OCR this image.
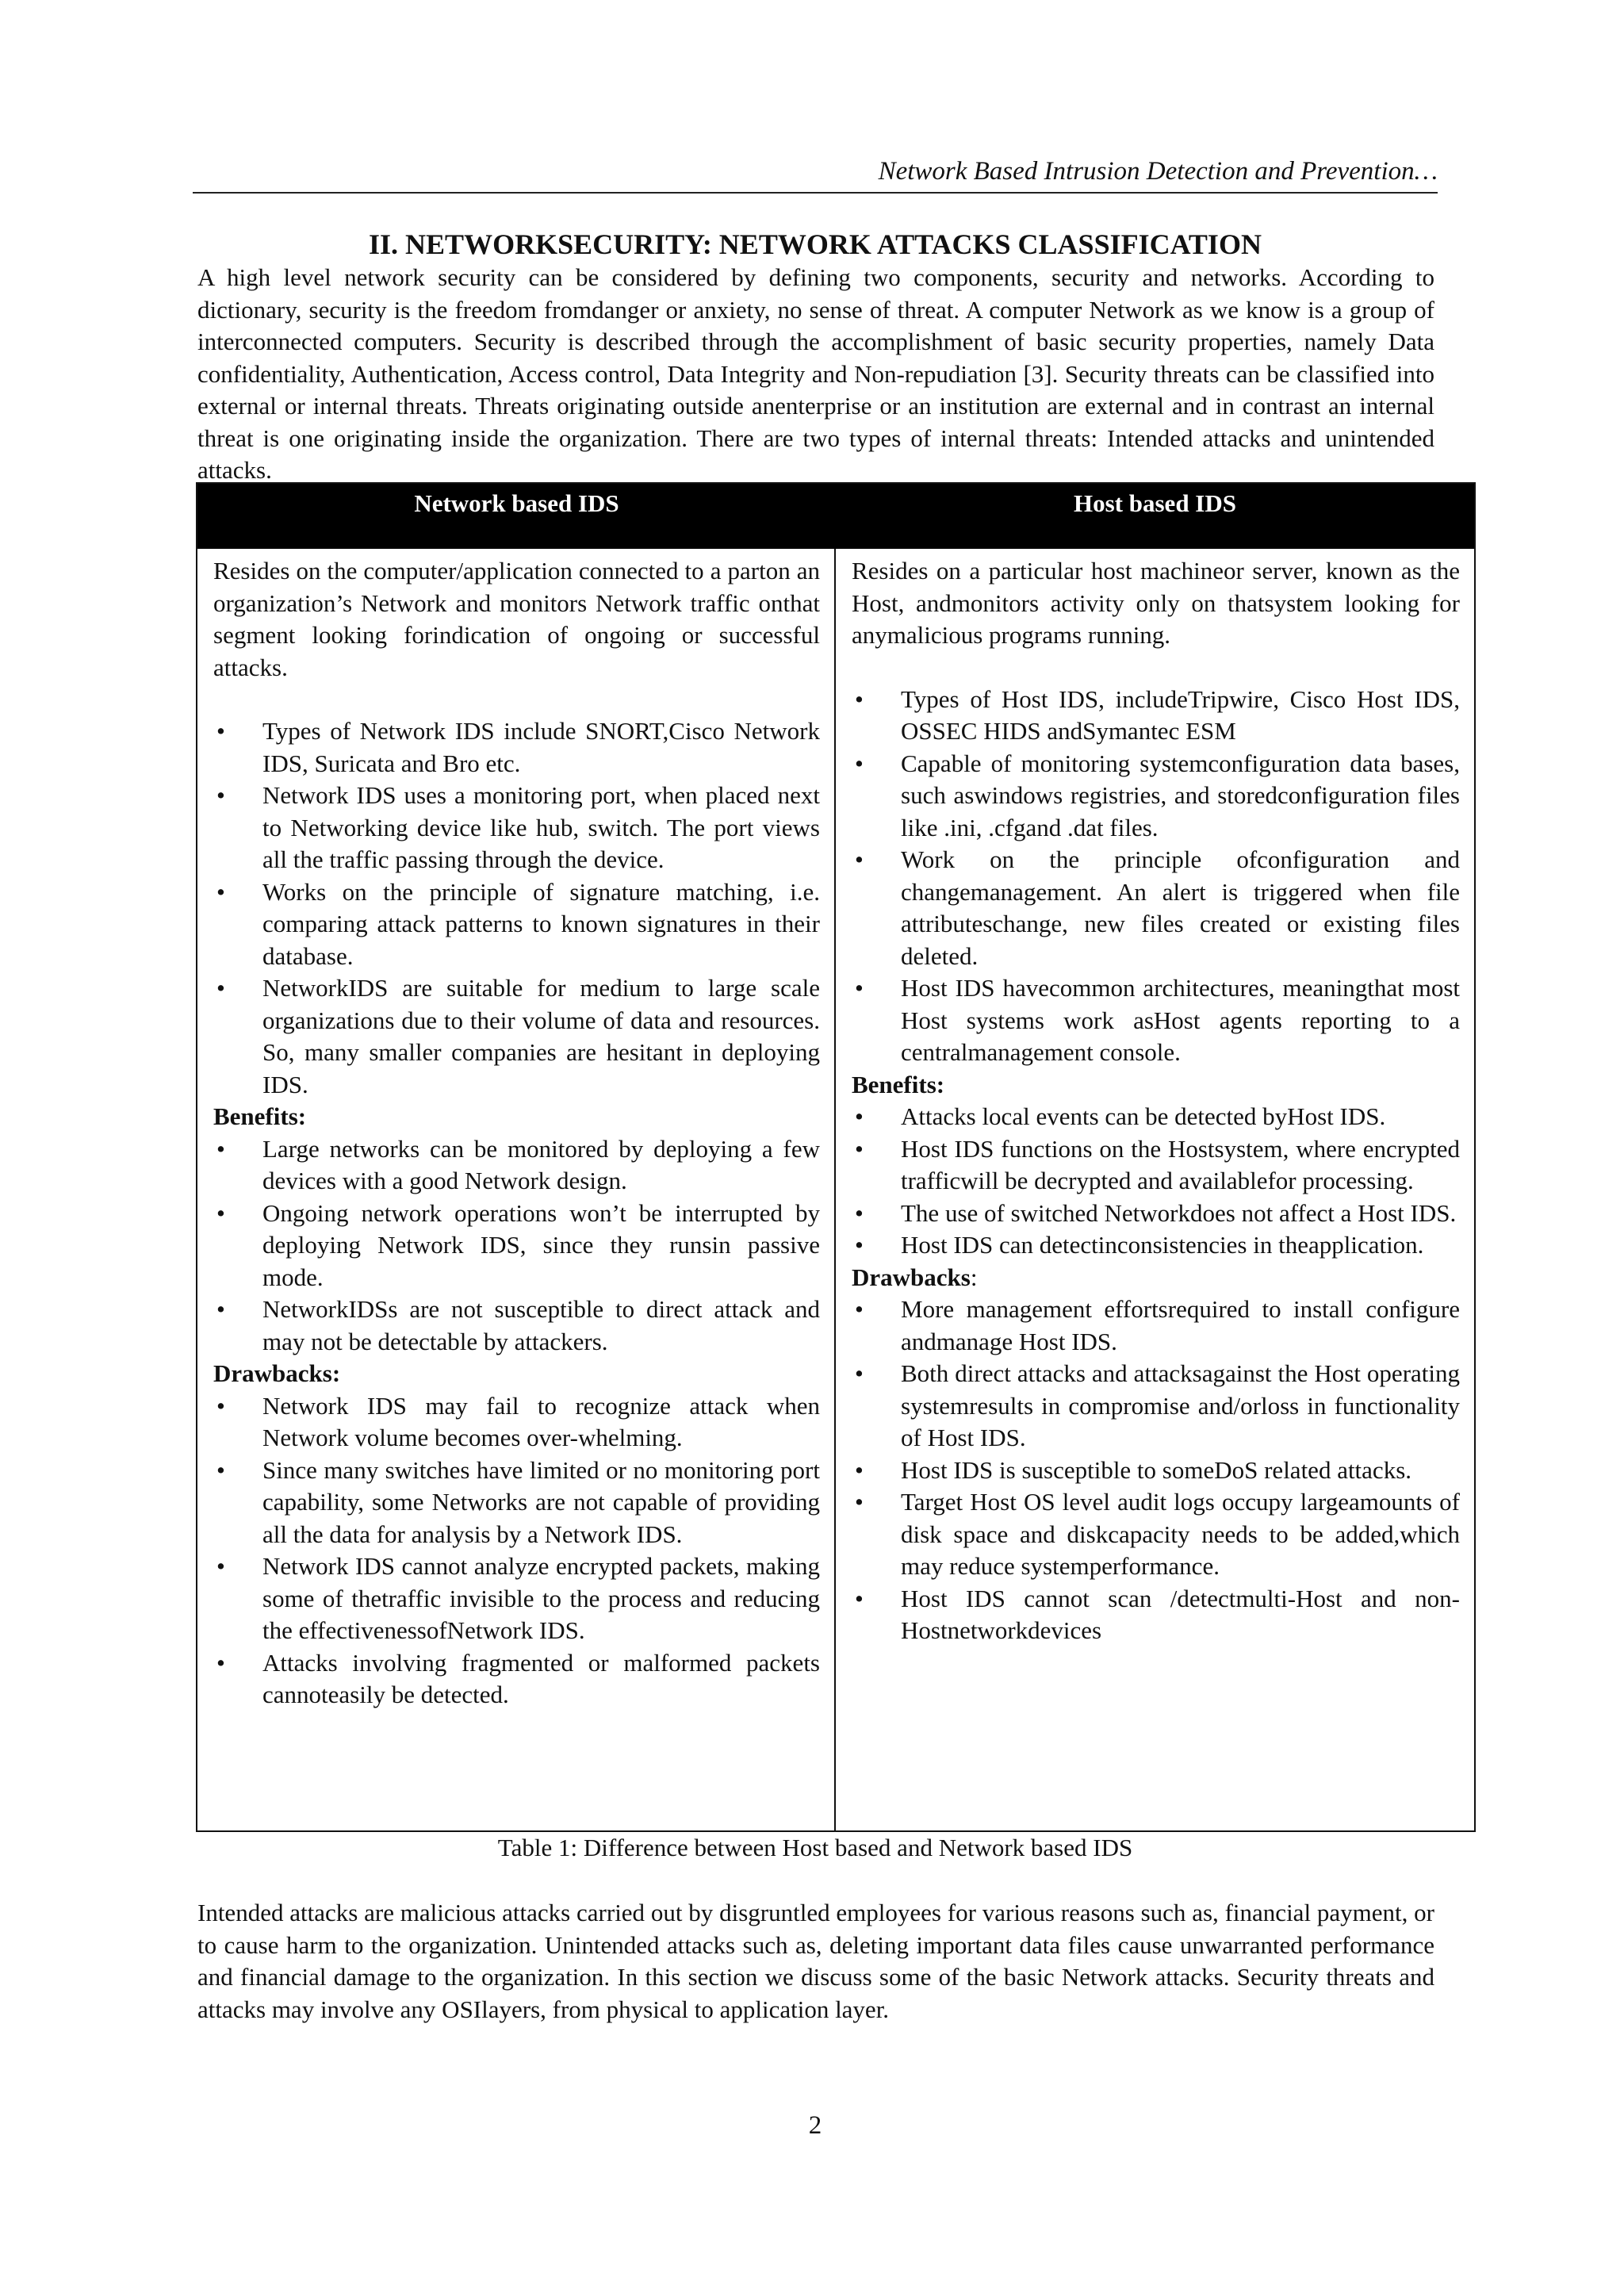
Network Based Intrusion Detection and Prevention…
II. NETWORKSECURITY: NETWORK ATTACKS CLASSIFICATION

A high level network security can be considered by defining two components, security and networks. According to dictionary, security is the freedom fromdanger or anxiety, no sense of threat. A computer Network as we know is a group of interconnected computers. Security is described through the accomplishment of basic security properties, namely Data confidentiality, Authentication, Access control, Data Integrity and Non-repudiation [3]. Security threats can be classified into external or internal threats. Threats originating outside anenterprise or an institution are external and in contrast an internal threat is one originating inside the organization. There are two types of internal threats: Intended attacks and unintended attacks.

Network based IDS	Host based IDS

Resides on the computer/application connected to a parton an organization’s Network and monitors Network traffic onthat segment looking forindication of ongoing or successful attacks.

• Types of Network IDS include SNORT,Cisco Network IDS, Suricata and Bro etc.
• Network IDS uses a monitoring port, when placed next to Networking device like hub, switch. The port views all the traffic passing through the device.
• Works on the principle of signature matching, i.e. comparing attack patterns to known signatures in their database.
• NetworkIDS are suitable for medium to large scale organizations due to their volume of data and resources. So, many smaller companies are hesitant in deploying IDS.
Benefits:
• Large networks can be monitored by deploying a few devices with a good Network design.
• Ongoing network operations won’t be interrupted by deploying Network IDS, since they runsin passive mode.
• NetworkIDSs are not susceptible to direct attack and may not be detectable by attackers.
Drawbacks:
• Network IDS may fail to recognize attack when Network volume becomes over-whelming.
• Since many switches have limited or no monitoring port capability, some Networks are not capable of providing all the data for analysis by a Network IDS.
• Network IDS cannot analyze encrypted packets, making some of thetraffic invisible to the process and reducing the effectivenessofNetwork IDS.
• Attacks involving fragmented or malformed packets cannoteasily be detected.

Resides on a particular host machineor server, known as the Host, andmonitors activity only on thatsystem looking for anymalicious programs running.

• Types of Host IDS, includeTripwire, Cisco Host IDS, OSSEC HIDS andSymantec ESM
• Capable of monitoring systemconfiguration data bases, such aswindows registries, and storedconfiguration files like .ini, .cfgand .dat files.
• Work on the principle ofconfiguration and changemanagement. An alert is triggered when file attributeschange, new files created or existing files deleted.
• Host IDS havecommon architectures, meaningthat most Host systems work asHost agents reporting to a centralmanagement console.
Benefits:
• Attacks local events can be detected byHost IDS.
• Host IDS functions on the Hostsystem, where encrypted trafficwill be decrypted and availablefor processing.
• The use of switched Networkdoes not affect a Host IDS.
• Host IDS can detectinconsistencies in theapplication.
Drawbacks:
• More management effortsrequired to install configure andmanage Host IDS.
• Both direct attacks and attacksagainst the Host operating systemresults in compromise and/orloss in functionality of Host IDS.
• Host IDS is susceptible to someDoS related attacks.
• Target Host OS level audit logs occupy largeamounts of disk space and diskcapacity needs to be added,which may reduce systemperformance.
• Host IDS cannot scan /detectmulti-Host and non-Hostnetworkdevices
Table 1: Difference between Host based and Network based IDS

Intended attacks are malicious attacks carried out by disgruntled employees for various reasons such as, financial payment, or to cause harm to the organization. Unintended attacks such as, deleting important data files cause unwarranted performance and financial damage to the organization. In this section we discuss some of the basic Network attacks. Security threats and attacks may involve any OSIlayers, from physical to application layer.

2
